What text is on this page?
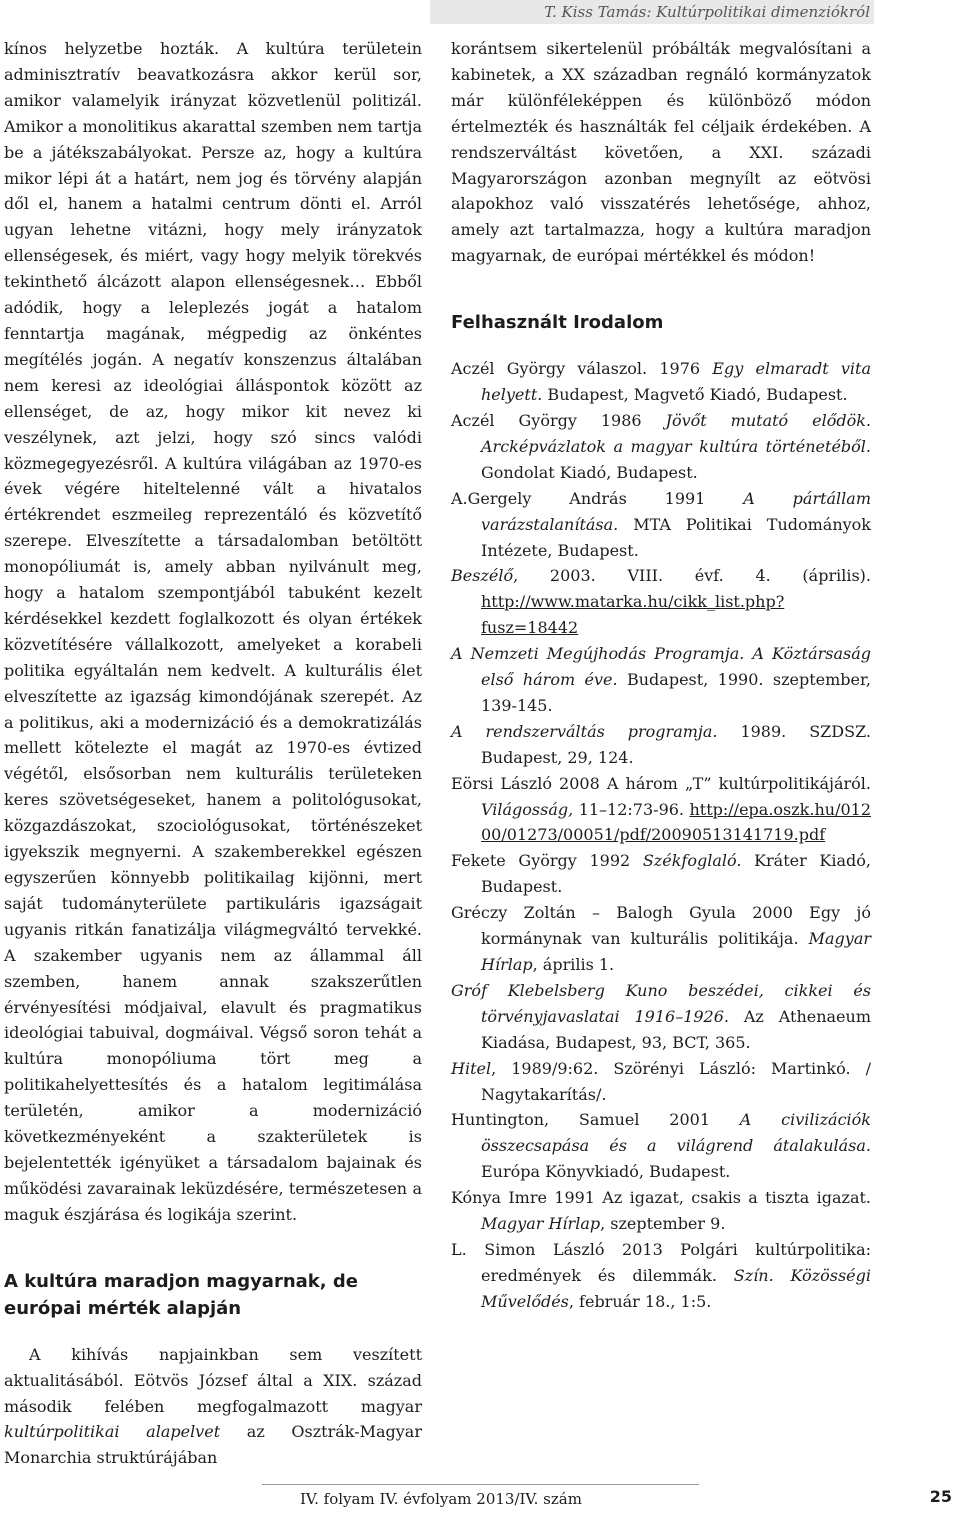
T. Kiss Tamás: Kultúrpolitikai dimenziókról

kínos helyzetbe hozták. A kultúra területein adminisztratív beavatkozásra akkor kerül sor, amikor valamelyik irányzat közvetlenül politizál. Amikor a monolitikus akarattal szemben nem tartja be a játékszabályokat. Persze az, hogy a kultúra mikor lépi át a határt, nem jog és törvény alapján dől el, hanem a hatalmi centrum dönti el. Arról ugyan lehetne vitázni, hogy mely irányzatok ellenségesek, és miért, vagy hogy melyik törekvés tekinthető álcázott alapon ellenségesnek… Ebből adódik, hogy a leleplezés jogát a hatalom fenntartja magának, mégpedig az önkéntes megítélés jogán. A negatív konszenzus általában nem keresi az ideológiai álláspontok között az ellenséget, de az, hogy mikor kit nevez ki veszélynek, azt jelzi, hogy szó sincs valódi közmegegyezésről. A kultúra világában az 1970-es évek végére hiteltelenné vált a hivatalos értékrendet eszmeileg reprezentáló és közvetítő szerepe. Elveszítette a társadalomban betöltött monopóliumát is, amely abban nyilvánult meg, hogy a hatalom szempontjából tabuként kezelt kérdésekkel kezdett foglalkozott és olyan értékek közvetítésére vállalkozott, amelyeket a korabeli politika egyáltalán nem kedvelt. A kulturális élet elveszítette az igazság kimondójának szerepét. Az a politikus, aki a modernizáció és a demokratizálás mellett kötelezte el magát az 1970-es évtized végétől, elsősorban nem kulturális területeken keres szövetségeseket, hanem a politológusokat, közgazdászokat, szociológusokat, történészeket igyekszik megnyerni. A szakemberekkel egészen egyszerűen könnyebb politikailag kijönni, mert saját tudományterülete partikuláris igazságait ugyanis ritkán fanatizálja világmegváltó tervekké. A szakember ugyanis nem az állammal áll szemben, hanem annak szakszerűtlen érvényesítési módjaival, elavult és pragmatikus ideológiai tabuival, dogmáival. Végső soron tehát a kultúra monopóliuma tört meg a politikahelyettesítés és a hatalom legitimálása területén, amikor a modernizáció következményeként a szakterületek is bejelentették igényüket a társadalom bajainak és működési zavarainak leküzdésére, természetesen a maguk észjárása és logikája szerint.

A kultúra maradjon magyarnak, de európai mérték alapján

A kihívás napjainkban sem veszített aktualitásából. Eötvös József által a XIX. század második felében megfogalmazott magyar kultúrpolitikai alapelvet az Osztrák-Magyar Monarchia struktúrájában

korántsem sikertelenül próbálták megvalósítani a kabinetek, a XX században regnáló kormányzatok már különféleképpen és különböző módon értelmezték és használták fel céljaik érdekében. A rendszerváltást követően, a XXI. századi Magyarországon azonban megnyílt az eötvösi alapokhoz való visszatérés lehetősége, ahhoz, amely azt tartalmazza, hogy a kultúra maradjon magyarnak, de európai mértékkel és módon!

Felhasznált Irodalom
Aczél György válaszol. 1976 Egy elmaradt vita helyett. Budapest, Magvető Kiadó, Budapest.
Aczél György 1986 Jövőt mutató elődök. Arcképvázlatok a magyar kultúra történetéből. Gondolat Kiadó, Budapest.
A.Gergely András 1991 A pártállam varázstalanítása. MTA Politikai Tudományok Intézete, Budapest.
Beszélő, 2003. VIII. évf. 4. (április). http://www.matarka.hu/cikk_list.php?fusz=18442
A Nemzeti Megújhodás Programja. A Köztársaság első három éve. Budapest, 1990. szeptember, 139-145.
A rendszerváltás programja. 1989. SZDSZ. Budapest, 29, 124.
Eörsi László 2008 A három „T” kultúrpolitikájáról. Világosság, 11–12:73-96. http://epa.oszk.hu/01200/01273/00051/pdf/20090513141719.pdf
Fekete György 1992 Székfoglaló. Kráter Kiadó, Budapest.
Gréczy Zoltán – Balogh Gyula 2000 Egy jó kormánynak van kulturális politikája. Magyar Hírlap, április 1.
Gróf Klebelsberg Kuno beszédei, cikkei és törvényjavaslatai 1916–1926. Az Athenaeum Kiadása, Budapest, 93, BCT, 365.
Hitel, 1989/9:62. Szörényi László: Martinkó. / Nagytakarítás/.
Huntington, Samuel 2001 A civilizációk összecsapása és a világrend átalakulása. Európa Könyvkiadó, Budapest.
Kónya Imre 1991 Az igazat, csakis a tiszta igazat. Magyar Hírlap, szeptember 9.
L. Simon László 2013 Polgári kultúrpolitika: eredmények és dilemmák. Szín. Közösségi Művelődés, február 18., 1:5.
IV. folyam IV. évfolyam 2013/IV. szám	25
